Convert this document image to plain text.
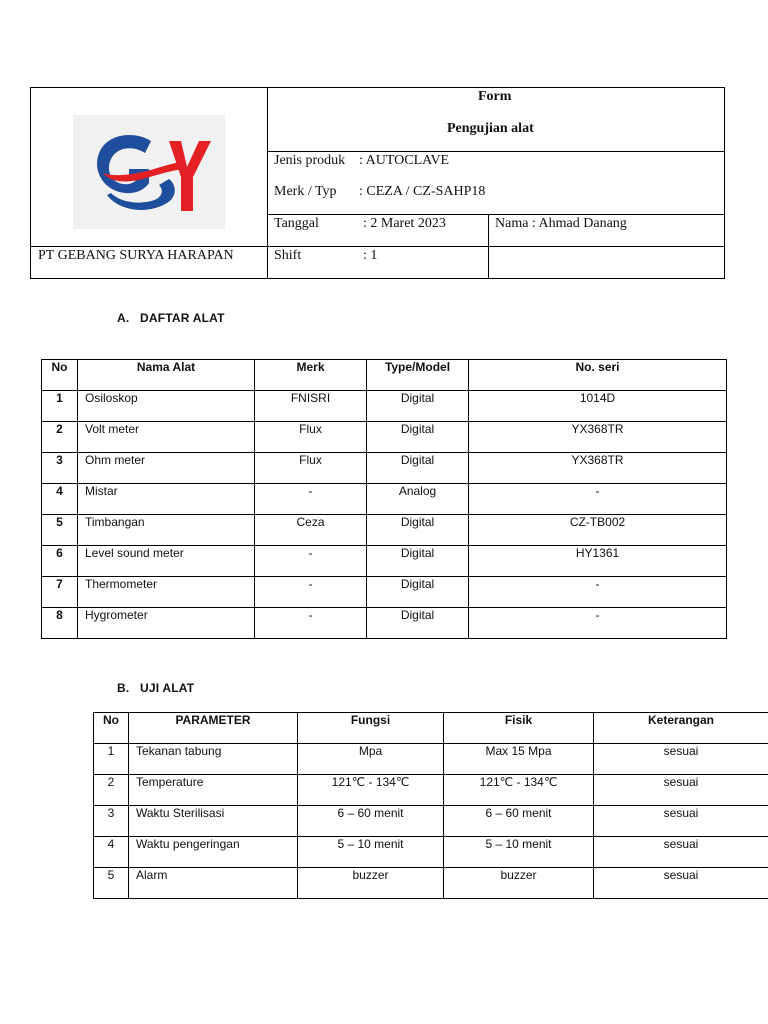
Form
Pengujian alat
Jenis produk : AUTOCLAVE
Merk / Typ : CEZA / CZ-SAHP18
Tanggal	: 2 Maret 2023	Nama : Ahmad Danang
PT GEBANG SURYA HARAPAN	Shift	: 1
A.   DAFTAR ALAT
No	Nama Alat	Merk	Type/Model	No. seri
1	Osiloskop	FNISRI	Digital	1014D
2	Volt meter	Flux	Digital	YX368TR
3	Ohm meter	Flux	Digital	YX368TR
4	Mistar	-	Analog	-
5	Timbangan	Ceza	Digital	CZ-TB002
6	Level sound meter	-	Digital	HY1361
7	Thermometer	-	Digital	-
8	Hygrometer	-	Digital	-
B.   UJI ALAT
No	PARAMETER	Fungsi	Fisik	Keterangan
1	Tekanan tabung	Mpa	Max 15 Mpa	sesuai
2	Temperature	121℃ - 134℃	121℃ - 134℃	sesuai
3	Waktu Sterilisasi	6 – 60 menit	6 – 60 menit	sesuai
4	Waktu pengeringan	5 – 10 menit	5 – 10 menit	sesuai
5	Alarm	buzzer	buzzer	sesuai
